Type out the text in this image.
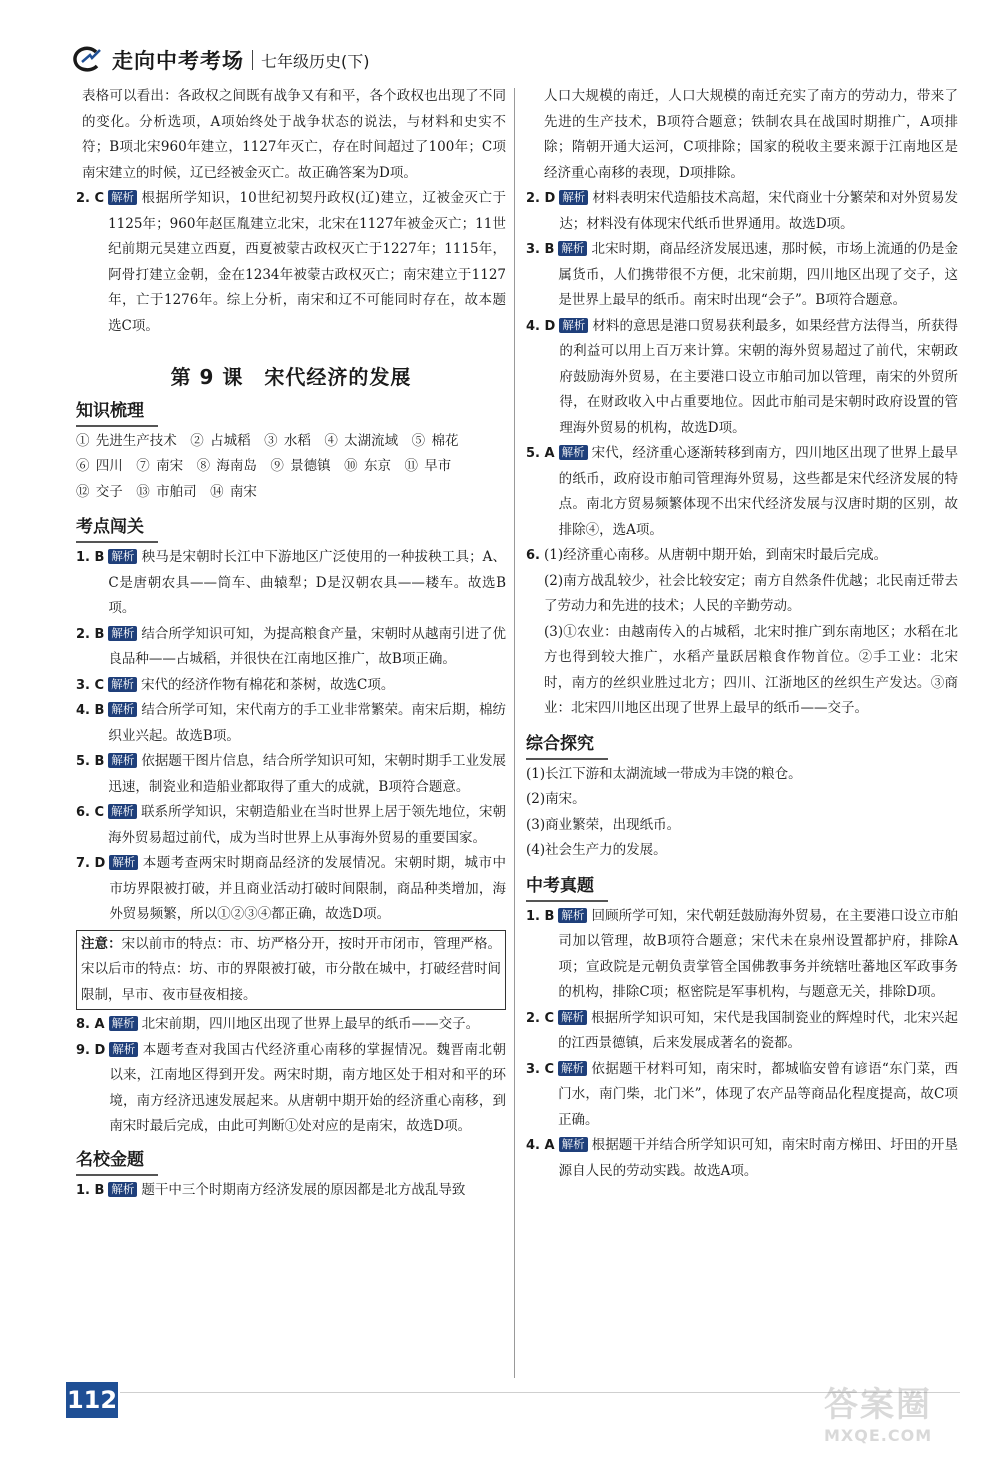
走向中考考场 七年级历史(下)

表格可以看出：各政权之间既有战争又有和平，各个政权也出现了不同的变化。分析选项，A项始终处于战争状态的说法，与材料和史实不符；B项北宋960年建立，1127年灭亡，存在时间超过了100年；C项南宋建立的时候，辽已经被金灭亡。故正确答案为D项。

2. C 解析 根据所学知识，10世纪初契丹政权(辽)建立，辽被金灭亡于1125年；960年赵匡胤建立北宋，北宋在1127年被金灭亡；11世纪前期元昊建立西夏，西夏被蒙古政权灭亡于1227年；1115年，阿骨打建立金朝，金在1234年被蒙古政权灭亡；南宋建立于1127年，亡于1276年。综上分析，南宋和辽不可能同时存在，故本题选C项。
第 9 课　宋代经济的发展
知识梳理

① 先进生产技术　② 占城稻　③ 水稻　④ 太湖流域　⑤ 棉花

⑥ 四川　⑦ 南宋　⑧ 海南岛　⑨ 景德镇　⑩ 东京　⑪ 早市

⑫ 交子　⑬ 市舶司　⑭ 南宋

考点闯关
1. B 解析 秧马是宋朝时长江中下游地区广泛使用的一种拔秧工具；A、C是唐朝农具——筒车、曲辕犁；D是汉朝农具——耧车。故选B项。
2. B 解析 结合所学知识可知，为提高粮食产量，宋朝时从越南引进了优良品种——占城稻，并很快在江南地区推广，故B项正确。
3. C 解析 宋代的经济作物有棉花和茶树，故选C项。
4. B 解析 结合所学可知，宋代南方的手工业非常繁荣。南宋后期，棉纺织业兴起。故选B项。
5. B 解析 依据题干图片信息，结合所学知识可知，宋朝时期手工业发展迅速，制瓷业和造船业都取得了重大的成就，B项符合题意。
6. C 解析 联系所学知识，宋朝造船业在当时世界上居于领先地位，宋朝海外贸易超过前代，成为当时世界上从事海外贸易的重要国家。
7. D 解析 本题考查两宋时期商品经济的发展情况。宋朝时期，城市中市坊界限被打破，并且商业活动打破时间限制，商品种类增加，海外贸易频繁，所以①②③④都正确，故选D项。
注意：宋以前市的特点：市、坊严格分开，按时开市闭市，管理严格。宋以后市的特点：坊、市的界限被打破，市分散在城中，打破经营时间限制，早市、夜市昼夜相接。
8. A 解析 北宋前期，四川地区出现了世界上最早的纸币——交子。
9. D 解析 本题考查对我国古代经济重心南移的掌握情况。魏晋南北朝以来，江南地区得到开发。两宋时期，南方地区处于相对和平的环境，南方经济迅速发展起来。从唐朝中期开始的经济重心南移，到南宋时最后完成，由此可判断①处对应的是南宋，故选D项。
名校金题
1. B 解析 题干中三个时期南方经济发展的原因都是北方战乱导致

人口大规模的南迁，人口大规模的南迁充实了南方的劳动力，带来了先进的生产技术，B项符合题意；铁制农具在战国时期推广，A项排除；隋朝开通大运河，C项排除；国家的税收主要来源于江南地区是经济重心南移的表现，D项排除。

2. D 解析 材料表明宋代造船技术高超，宋代商业十分繁荣和对外贸易发达；材料没有体现宋代纸币世界通用。故选D项。
3. B 解析 北宋时期，商品经济发展迅速，那时候，市场上流通的仍是金属货币，人们携带很不方便，北宋前期，四川地区出现了交子，这是世界上最早的纸币。南宋时出现“会子”。B项符合题意。
4. D 解析 材料的意思是港口贸易获利最多，如果经营方法得当，所获得的利益可以用上百万来计算。宋朝的海外贸易超过了前代，宋朝政府鼓励海外贸易，在主要港口设立市舶司加以管理，南宋的外贸所得，在财政收入中占重要地位。因此市舶司是宋朝时政府设置的管理海外贸易的机构，故选D项。
5. A 解析 宋代，经济重心逐渐转移到南方，四川地区出现了世界上最早的纸币，政府设市舶司管理海外贸易，这些都是宋代经济发展的特点。南北方贸易频繁体现不出宋代经济发展与汉唐时期的区别，故排除④，选A项。
6. (1)经济重心南移。从唐朝中期开始，到南宋时最后完成。

(2)南方战乱较少，社会比较安定；南方自然条件优越；北民南迁带去了劳动力和先进的技术；人民的辛勤劳动。

(3)①农业：由越南传入的占城稻，北宋时推广到东南地区；水稻在北方也得到较大推广，水稻产量跃居粮食作物首位。②手工业：北宋时，南方的丝织业胜过北方；四川、江浙地区的丝织生产发达。③商业：北宋四川地区出现了世界上最早的纸币——交子。

综合探究

(1)长江下游和太湖流域一带成为丰饶的粮仓。

(2)南宋。

(3)商业繁荣，出现纸币。

(4)社会生产力的发展。

中考真题
1. B 解析 回顾所学可知，宋代朝廷鼓励海外贸易，在主要港口设立市舶司加以管理，故B项符合题意；宋代未在泉州设置都护府，排除A项；宣政院是元朝负责掌管全国佛教事务并统辖吐蕃地区军政事务的机构，排除C项；枢密院是军事机构，与题意无关，排除D项。
2. C 解析 根据所学知识可知，宋代是我国制瓷业的辉煌时代，北宋兴起的江西景德镇，后来发展成著名的瓷都。
3. C 解析 依据题干材料可知，南宋时，都城临安曾有谚语“东门菜，西门水，南门柴，北门米”，体现了农产品等商品化程度提高，故C项正确。
4. A 解析 根据题干并结合所学知识可知，南宋时南方梯田、圩田的开垦源自人民的劳动实践。故选A项。
112	答案圈
MXQE.COM
